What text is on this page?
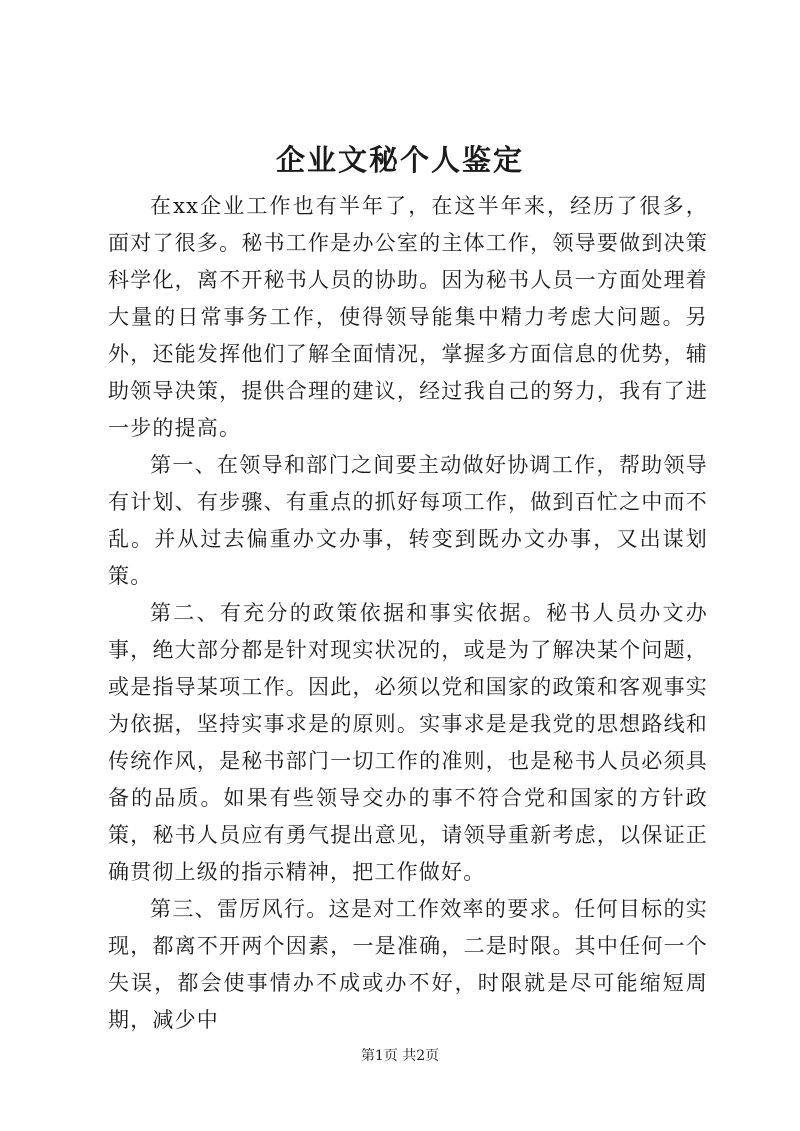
企业文秘个人鉴定

在xx企业工作也有半年了，在这半年来，经历了很多，面对了很多。秘书工作是办公室的主体工作，领导要做到决策科学化，离不开秘书人员的协助。因为秘书人员一方面处理着大量的日常事务工作，使得领导能集中精力考虑大问题。另外，还能发挥他们了解全面情况，掌握多方面信息的优势，辅助领导决策，提供合理的建议，经过我自己的努力，我有了进一步的提高。

第一、在领导和部门之间要主动做好协调工作，帮助领导有计划、有步骤、有重点的抓好每项工作，做到百忙之中而不乱。并从过去偏重办文办事，转变到既办文办事，又出谋划策。

第二、有充分的政策依据和事实依据。秘书人员办文办事，绝大部分都是针对现实状况的，或是为了解决某个问题，或是指导某项工作。因此，必须以党和国家的政策和客观事实为依据，坚持实事求是的原则。实事求是是我党的思想路线和传统作风，是秘书部门一切工作的准则，也是秘书人员必须具备的品质。如果有些领导交办的事不符合党和国家的方针政策，秘书人员应有勇气提出意见，请领导重新考虑，以保证正确贯彻上级的指示精神，把工作做好。

第三、雷厉风行。这是对工作效率的要求。任何目标的实现，都离不开两个因素，一是准确，二是时限。其中任何一个失误，都会使事情办不成或办不好，时限就是尽可能缩短周期，减少中

第1页 共2页
